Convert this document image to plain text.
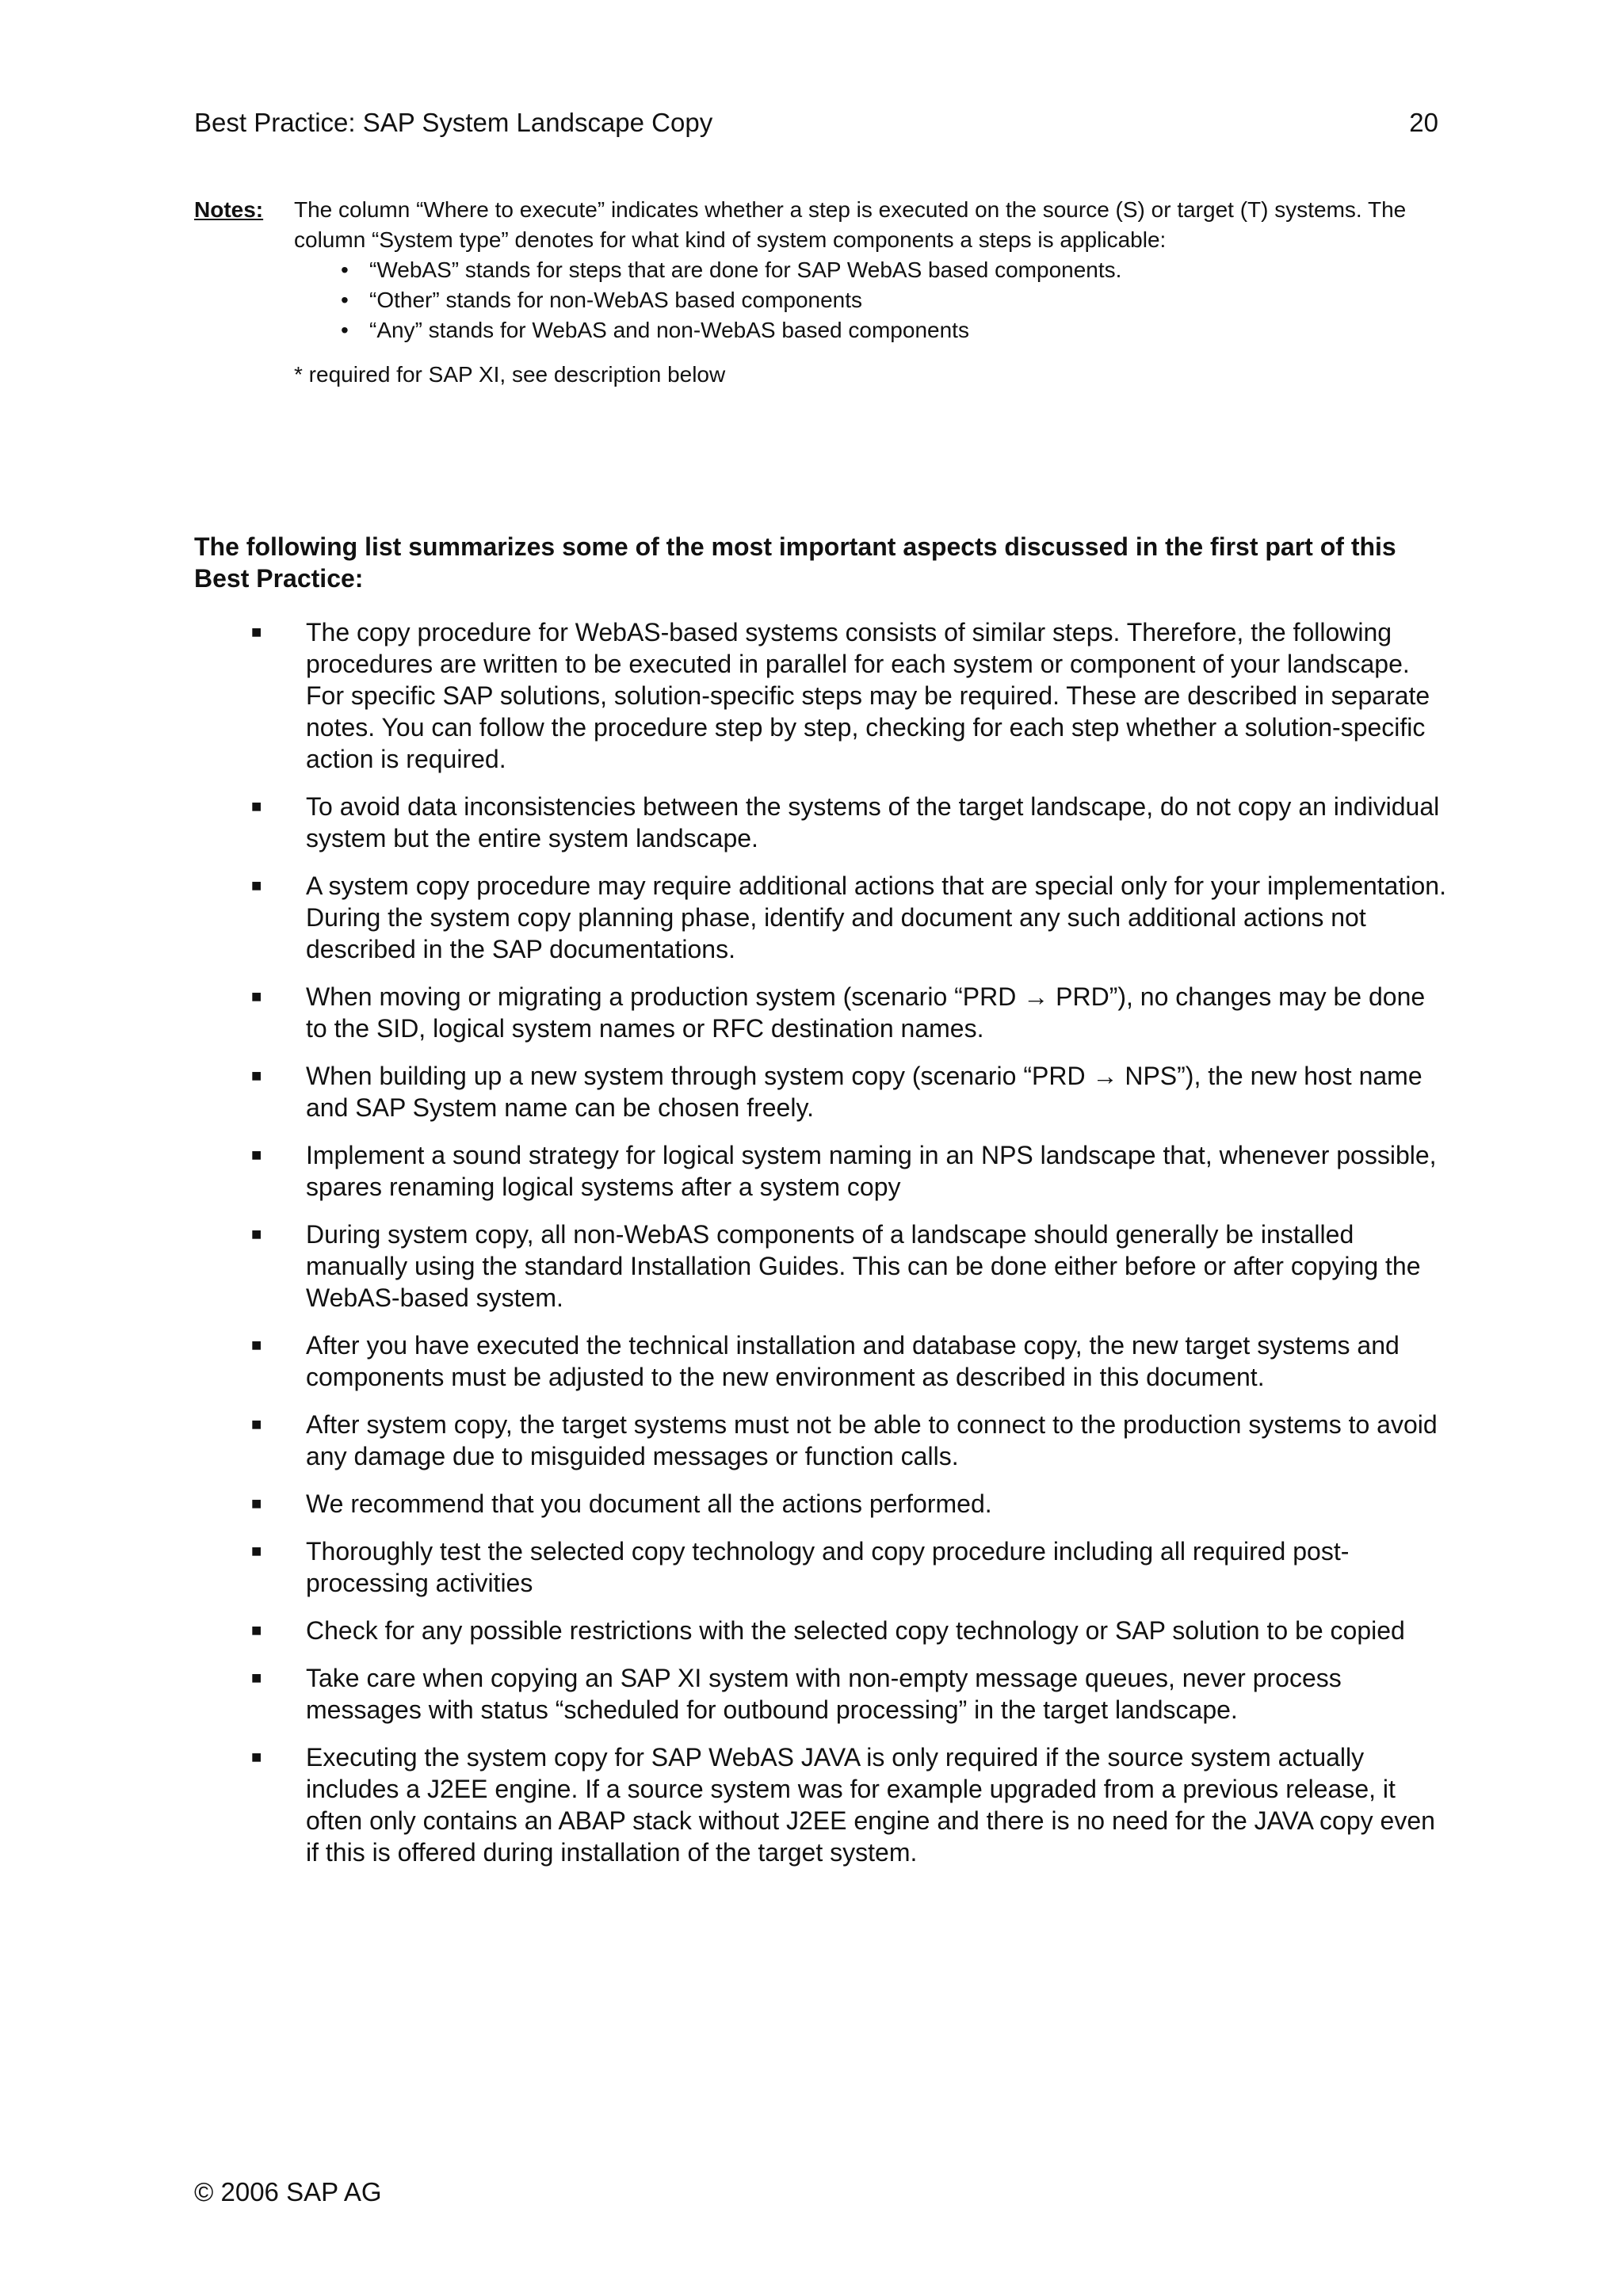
Best Practice: SAP System Landscape Copy	20
Notes: The column “Where to execute” indicates whether a step is executed on the source (S) or target (T) systems. The column “System type” denotes for what kind of system components a steps is applicable:
• “WebAS” stands for steps that are done for SAP WebAS based components.
• “Other” stands for non-WebAS based components
• “Any” stands for WebAS and non-WebAS based components
* required for SAP XI, see description below
The following list summarizes some of the most important aspects discussed in the first part of this Best Practice:
■ The copy procedure for WebAS-based systems consists of similar steps. Therefore, the following procedures are written to be executed in parallel for each system or component of your landscape. For specific SAP solutions, solution-specific steps may be required. These are described in separate notes. You can follow the procedure step by step, checking for each step whether a solution-specific action is required.
■ To avoid data inconsistencies between the systems of the target landscape, do not copy an individual system but the entire system landscape.
■ A system copy procedure may require additional actions that are special only for your implementation. During the system copy planning phase, identify and document any such additional actions not described in the SAP documentations.
■ When moving or migrating a production system (scenario “PRD → PRD”), no changes may be done to the SID, logical system names or RFC destination names.
■ When building up a new system through system copy (scenario “PRD → NPS”), the new host name and SAP System name can be chosen freely.
■ Implement a sound strategy for logical system naming in an NPS landscape that, whenever possible, spares renaming logical systems after a system copy
■ During system copy, all non-WebAS components of a landscape should generally be installed manually using the standard Installation Guides. This can be done either before or after copying the WebAS-based system.
■ After you have executed the technical installation and database copy, the new target systems and components must be adjusted to the new environment as described in this document.
■ After system copy, the target systems must not be able to connect to the production systems to avoid any damage due to misguided messages or function calls.
■ We recommend that you document all the actions performed.
■ Thoroughly test the selected copy technology and copy procedure including all required post-processing activities
■ Check for any possible restrictions with the selected copy technology or SAP solution to be copied
■ Take care when copying an SAP XI system with non-empty message queues, never process messages with status “scheduled for outbound processing” in the target landscape.
■ Executing the system copy for SAP WebAS JAVA is only required if the source system actually includes a J2EE engine. If a source system was for example upgraded from a previous release, it often only contains an ABAP stack without J2EE engine and there is no need for the JAVA copy even if this is offered during installation of the target system.
© 2006 SAP AG
